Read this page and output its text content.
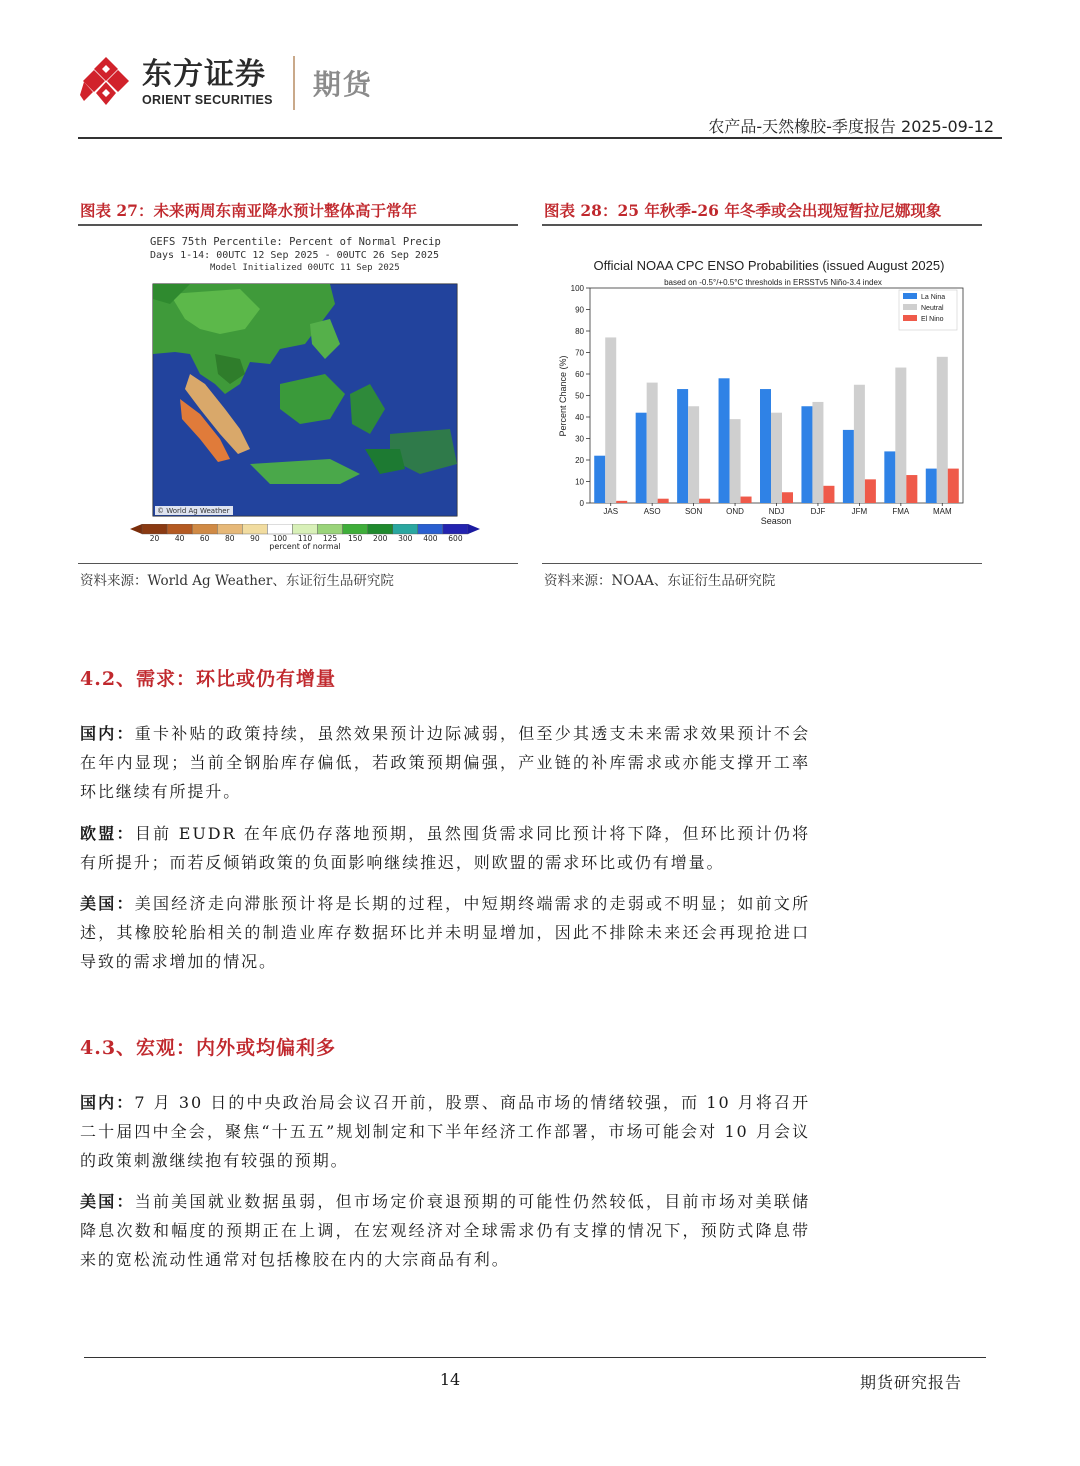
东方证券
ORIENT SECURITIES 期货
农产品-天然橡胶-季度报告 2025-09-12
图表 27：未来两周东南亚降水预计整体高于常年
© World Ag Weather
GEFS 75th Percentile: Percent of Normal Precip
Days 1-14: 00UTC 12 Sep 2025 - 00UTC 26 Sep 2025
Model Initialized 00UTC 11 Sep 2025
20	40	60	80	90	100 110 125 150 200 300 400 600
percent of normal
资料来源：World Ag Weather、东证衍生品研究院
图表 28：25 年秋季-26 年冬季或会出现短暂拉尼娜现象
Official NOAA CPC ENSO Probabilities (issued August 2025)
based on -0.5°/+0.5°C thresholds in ERSSTv5 Niño-3.4 index
Percent Chance (%)
Season
0
10
20
30
40
50
60
70
80
90
100
JAS	ASO	SON	OND	NDJ	DJF	JFM	FMA	MAM
La Nina
Neutral
El Nino
资料来源：NOAA、东证衍生品研究院
4.2、需求：环比或仍有增量
国内：重卡补贴的政策持续，虽然效果预计边际减弱，但至少其透支未来需求效果预计不会在年内显现；当前全钢胎库存偏低，若政策预期偏强，产业链的补库需求或亦能支撑开工率环比继续有所提升。
欧盟：目前 EUDR 在年底仍存落地预期，虽然囤货需求同比预计将下降，但环比预计仍将有所提升；而若反倾销政策的负面影响继续推迟，则欧盟的需求环比或仍有增量。
美国：美国经济走向滞胀预计将是长期的过程，中短期终端需求的走弱或不明显；如前文所述，其橡胶轮胎相关的制造业库存数据环比并未明显增加，因此不排除未来还会再现抢进口导致的需求增加的情况。
4.3、宏观：内外或均偏利多
国内：7 月 30 日的中央政治局会议召开前，股票、商品市场的情绪较强，而 10 月将召开二十届四中全会，聚焦“十五五”规划制定和下半年经济工作部署，市场可能会对 10 月会议的政策刺激继续抱有较强的预期。
美国：当前美国就业数据虽弱，但市场定价衰退预期的可能性仍然较低，目前市场对美联储降息次数和幅度的预期正在上调，在宏观经济对全球需求仍有支撑的情况下，预防式降息带来的宽松流动性通常对包括橡胶在内的大宗商品有利。
14	期货研究报告
